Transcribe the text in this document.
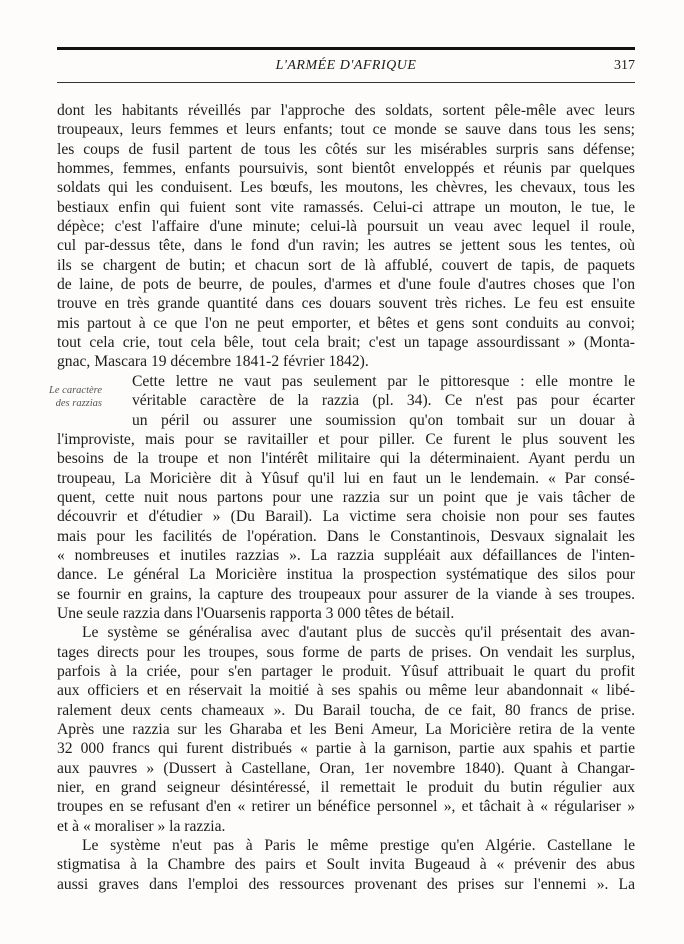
L'ARMÉE D'AFRIQUE	317
Le caractère
des razzias
dont les habitants réveillés par l'approche des soldats, sortent pêle-mêle avec leurs
troupeaux, leurs femmes et leurs enfants; tout ce monde se sauve dans tous les sens;
les coups de fusil partent de tous les côtés sur les misérables surpris sans défense;
hommes, femmes, enfants poursuivis, sont bientôt enveloppés et réunis par quelques
soldats qui les conduisent. Les bœufs, les moutons, les chèvres, les chevaux, tous les
bestiaux enfin qui fuient sont vite ramassés. Celui-ci attrape un mouton, le tue, le
dépèce; c'est l'affaire d'une minute; celui-là poursuit un veau avec lequel il roule,
cul par-dessus tête, dans le fond d'un ravin; les autres se jettent sous les tentes, où
ils se chargent de butin; et chacun sort de là affublé, couvert de tapis, de paquets
de laine, de pots de beurre, de poules, d'armes et d'une foule d'autres choses que l'on
trouve en très grande quantité dans ces douars souvent très riches. Le feu est ensuite
mis partout à ce que l'on ne peut emporter, et bêtes et gens sont conduits au convoi;
tout cela crie, tout cela bêle, tout cela brait; c'est un tapage assourdissant » (Monta-
gnac, Mascara 19 décembre 1841-2 février 1842).
Cette lettre ne vaut pas seulement par le pittoresque : elle montre le
véritable caractère de la razzia (pl. 34). Ce n'est pas pour écarter
un péril ou assurer une soumission qu'on tombait sur un douar à
l'improviste, mais pour se ravitailler et pour piller. Ce furent le plus souvent les
besoins de la troupe et non l'intérêt militaire qui la déterminaient. Ayant perdu un
troupeau, La Moricière dit à Yûsuf qu'il lui en faut un le lendemain. « Par consé-
quent, cette nuit nous partons pour une razzia sur un point que je vais tâcher de
découvrir et d'étudier » (Du Barail). La victime sera choisie non pour ses fautes
mais pour les facilités de l'opération. Dans le Constantinois, Desvaux signalait les
« nombreuses et inutiles razzias ». La razzia suppléait aux défaillances de l'inten-
dance. Le général La Moricière institua la prospection systématique des silos pour
se fournir en grains, la capture des troupeaux pour assurer de la viande à ses troupes.
Une seule razzia dans l'Ouarsenis rapporta 3 000 têtes de bétail.
Le système se généralisa avec d'autant plus de succès qu'il présentait des avan-
tages directs pour les troupes, sous forme de parts de prises. On vendait les surplus,
parfois à la criée, pour s'en partager le produit. Yûsuf attribuait le quart du profit
aux officiers et en réservait la moitié à ses spahis ou même leur abandonnait « libé-
ralement deux cents chameaux ». Du Barail toucha, de ce fait, 80 francs de prise.
Après une razzia sur les Gharaba et les Beni Ameur, La Moricière retira de la vente
32 000 francs qui furent distribués « partie à la garnison, partie aux spahis et partie
aux pauvres » (Dussert à Castellane, Oran, 1er novembre 1840). Quant à Changar-
nier, en grand seigneur désintéressé, il remettait le produit du butin régulier aux
troupes en se refusant d'en « retirer un bénéfice personnel », et tâchait à « régulariser »
et à « moraliser » la razzia.
Le système n'eut pas à Paris le même prestige qu'en Algérie. Castellane le
stigmatisa à la Chambre des pairs et Soult invita Bugeaud à « prévenir des abus
aussi graves dans l'emploi des ressources provenant des prises sur l'ennemi ». La
